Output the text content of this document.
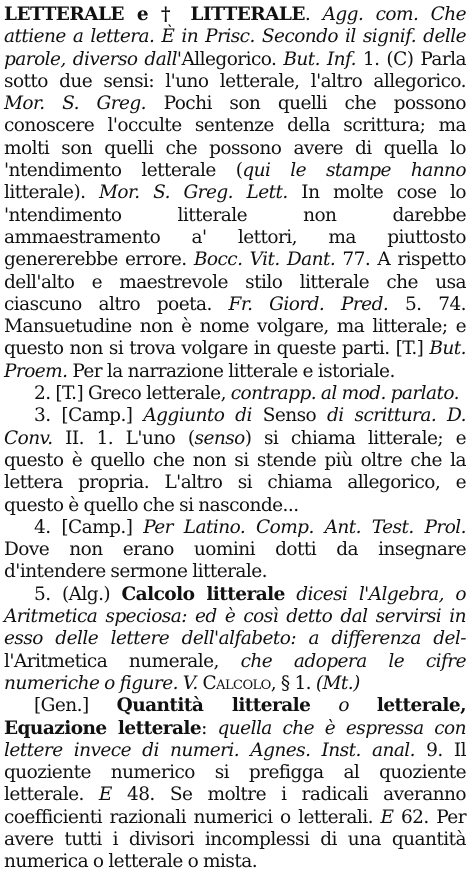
LETTERALE e † LITTERALE. Agg. com. Che attiene a lettera. È in Prisc. Secondo il signif. delle parole, diverso dall'Allegorico. But. Inf. 1. (C) Parla sotto due sensi: l'uno letterale, l'altro allegorico. Mor. S. Greg. Pochi son quelli che possono conoscere l'occulte sentenze della scrittura; ma molti son quelli che possono avere di quella lo 'ntendimento letterale (qui le stampe hanno litterale). Mor. S. Greg. Lett. In molte cose lo 'ntendimento litterale non darebbe ammaestramento a' lettori, ma piuttosto genererebbe errore. Bocc. Vit. Dant. 77. A rispetto dell'alto e maestrevole stilo litterale che usa ciascuno altro poeta. Fr. Giord. Pred. 5. 74. Mansuetudine non è nome volgare, ma litterale; e questo non si trova volgare in queste parti. [T.] But. Proem. Per la narrazione litterale e istoriale.

2. [T.] Greco letterale, contrapp. al mod. parlato.

3. [Camp.] Aggiunto di Senso di scrittura. D. Conv. II. 1. L'uno (senso) si chiama litterale; e questo è quello che non si stende più oltre che la lettera propria. L'altro si chiama allegorico, e questo è quello che si nasconde...

4. [Camp.] Per Latino. Comp. Ant. Test. Prol. Dove non erano uomini dotti da insegnare d'intendere sermone litterale.

5. (Alg.) Calcolo litterale dicesi l'Algebra, o Aritmetica speciosa: ed è così detto dal servirsi in esso delle lettere dell'alfabeto: a differenza del-l'Aritmetica numerale, che adopera le cifre numeriche o figure. V. Calcolo, § 1. (Mt.)

[Gen.] Quantità litterale o letterale, Equazione letterale: quella che è espressa con lettere invece di numeri. Agnes. Inst. anal. 9. Il quoziente numerico si prefigga al quoziente letterale. E 48. Se moltre i radicali averanno coefficienti razionali numerici o letterali. E 62. Per avere tutti i divisori incomplessi di una quantità numerica o letterale o mista.
